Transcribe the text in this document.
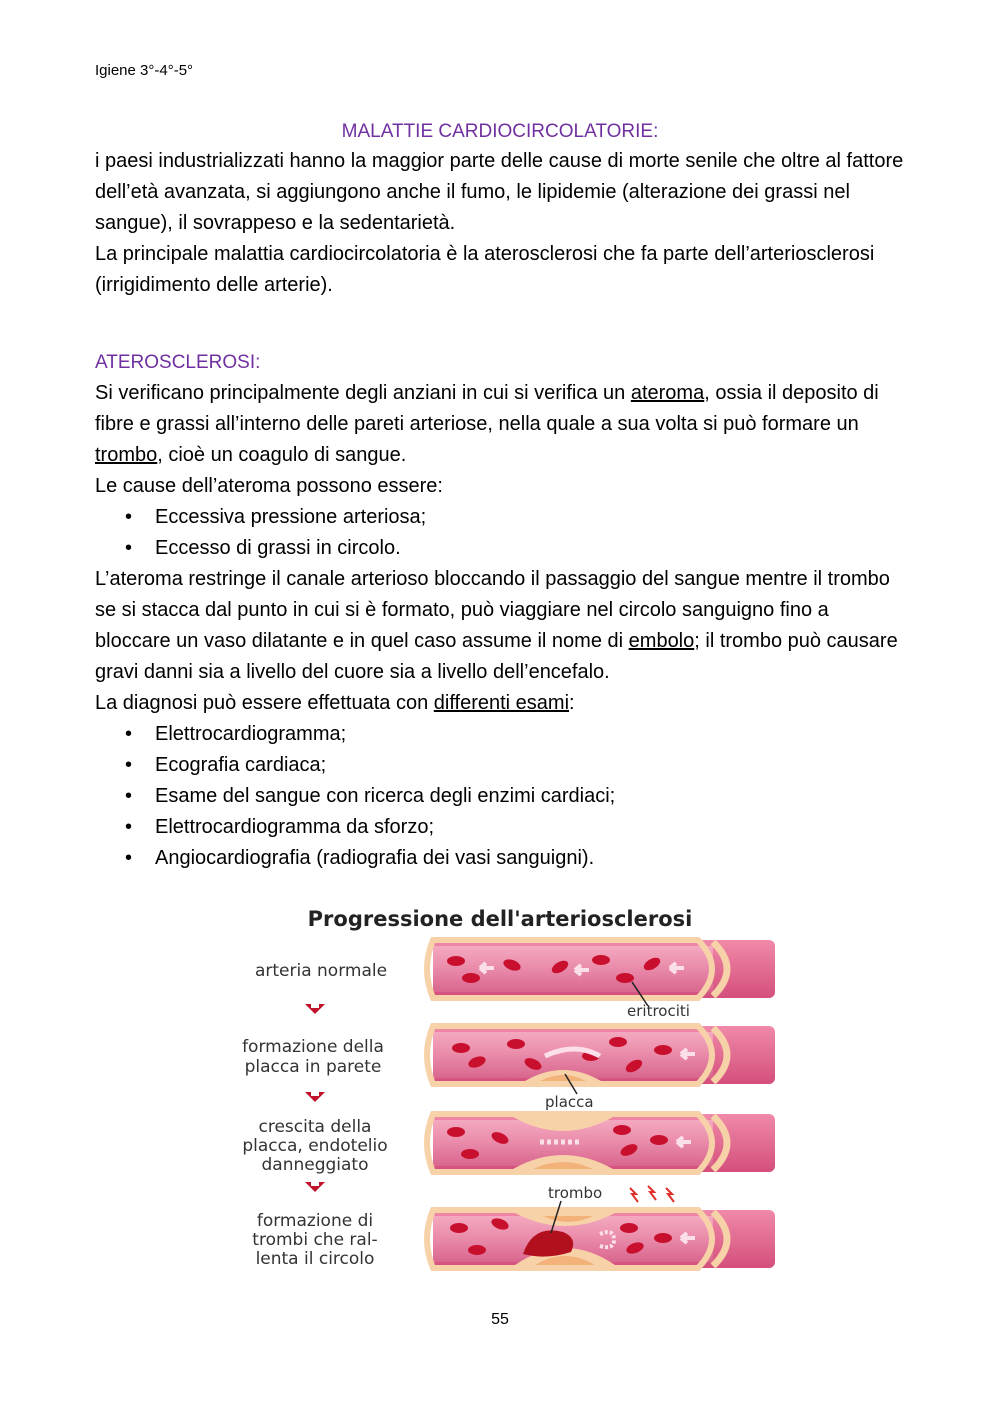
Igiene 3°-4°-5°
MALATTIE CARDIOCIRCOLATORIE:

i paesi industrializzati hanno la maggior parte delle cause di morte senile che oltre al fattore dell’età avanzata, si aggiungono anche il fumo, le lipidemie (alterazione dei grassi nel sangue), il sovrappeso e la sedentarietà.

La principale malattia cardiocircolatoria è la aterosclerosi che fa parte dell’arteriosclerosi (irrigidimento delle arterie).

ATEROSCLEROSI:

Si verificano principalmente degli anziani in cui si verifica un ateroma, ossia il deposito di fibre e grassi all’interno delle pareti arteriose, nella quale a sua volta si può formare un trombo, cioè un coagulo di sangue.

Le cause dell’ateroma possono essere:

• Eccessiva pressione arteriosa;
• Eccesso di grassi in circolo.

L’ateroma restringe il canale arterioso bloccando il passaggio del sangue mentre il trombo se si stacca dal punto in cui si è formato, può viaggiare nel circolo sanguigno fino a bloccare un vaso dilatante e in quel caso assume il nome di embolo; il trombo può causare gravi danni sia a livello del cuore sia a livello dell’encefalo.

La diagnosi può essere effettuata con differenti esami:

• Elettrocardiogramma;
• Ecografia cardiaca;
• Esame del sangue con ricerca degli enzimi cardiaci;
• Elettrocardiogramma da sforzo;
• Angiocardiografia (radiografia dei vasi sanguigni).
Progressione dell'arteriosclerosi
arteria normale
formazione della
placca in parete
crescita della
placca, endotelio
danneggiato
formazione di
trombi che ral-
lenta il circolo
eritrociti
placca
trombo
55
